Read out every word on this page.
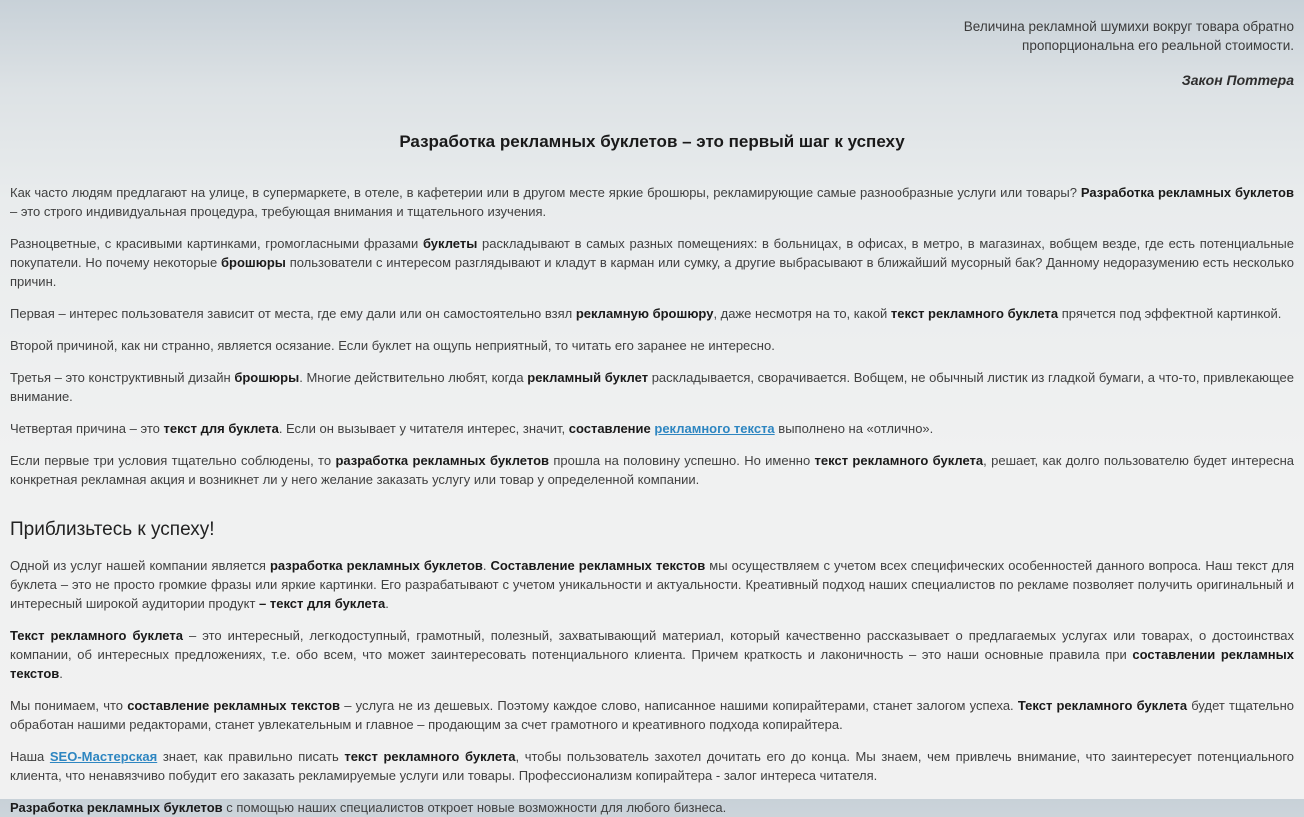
Величина рекламной шумихи вокруг товара обратно пропорциональна его реальной стоимости.
Закон Поттера
Разработка рекламных буклетов – это первый шаг к успеху

Как часто людям предлагают на улице, в супермаркете, в отеле, в кафетерии или в другом месте яркие брошюры, рекламирующие самые разнообразные услуги или товары? Разработка рекламных буклетов – это строго индивидуальная процедура, требующая внимания и тщательного изучения.

Разноцветные, с красивыми картинками, громогласными фразами буклеты раскладывают в самых разных помещениях: в больницах, в офисах, в метро, в магазинах, вобщем везде, где есть потенциальные покупатели. Но почему некоторые брошюры пользователи с интересом разглядывают и кладут в карман или сумку, а другие выбрасывают в ближайший мусорный бак? Данному недоразумению есть несколько причин.

Первая – интерес пользователя зависит от места, где ему дали или он самостоятельно взял рекламную брошюру, даже несмотря на то, какой текст рекламного буклета прячется под эффектной картинкой.

Второй причиной, как ни странно, является осязание. Если буклет на ощупь неприятный, то читать его заранее не интересно.

Третья – это конструктивный дизайн брошюры. Многие действительно любят, когда рекламный буклет раскладывается, сворачивается. Вобщем, не обычный листик из гладкой бумаги, а что-то, привлекающее внимание.

Четвертая причина – это текст для буклета. Если он вызывает у читателя интерес, значит, составление рекламного текста выполнено на «отлично».

Если первые три условия тщательно соблюдены, то разработка рекламных буклетов прошла на половину успешно. Но именно текст рекламного буклета, решает, как долго пользователю будет интересна конкретная рекламная акция и возникнет ли у него желание заказать услугу или товар у определенной компании.

Приблизьтесь к успеху!

Одной из услуг нашей компании является разработка рекламных буклетов. Составление рекламных текстов мы осуществляем с учетом всех специфических особенностей данного вопроса. Наш текст для буклета – это не просто громкие фразы или яркие картинки. Его разрабатывают с учетом уникальности и актуальности. Креативный подход наших специалистов по рекламе позволяет получить оригинальный и интересный широкой аудитории продукт – текст для буклета.

Текст рекламного буклета – это интересный, легкодоступный, грамотный, полезный, захватывающий материал, который качественно рассказывает о предлагаемых услугах или товарах, о достоинствах компании, об интересных предложениях, т.е. обо всем, что может заинтересовать потенциального клиента. Причем краткость и лаконичность – это наши основные правила при составлении рекламных текстов.

Мы понимаем, что составление рекламных текстов – услуга не из дешевых. Поэтому каждое слово, написанное нашими копирайтерами, станет залогом успеха. Текст рекламного буклета будет тщательно обработан нашими редакторами, станет увлекательным и главное – продающим за счет грамотного и креативного подхода копирайтера.

Наша SEO-Мастерская знает, как правильно писать текст рекламного буклета, чтобы пользователь захотел дочитать его до конца. Мы знаем, чем привлечь внимание, что заинтересует потенциального клиента, что ненавязчиво побудит его заказать рекламируемые услуги или товары. Профессионализм копирайтера - залог интереса читателя.

Разработка рекламных буклетов с помощью наших специалистов откроет новые возможности для любого бизнеса.
